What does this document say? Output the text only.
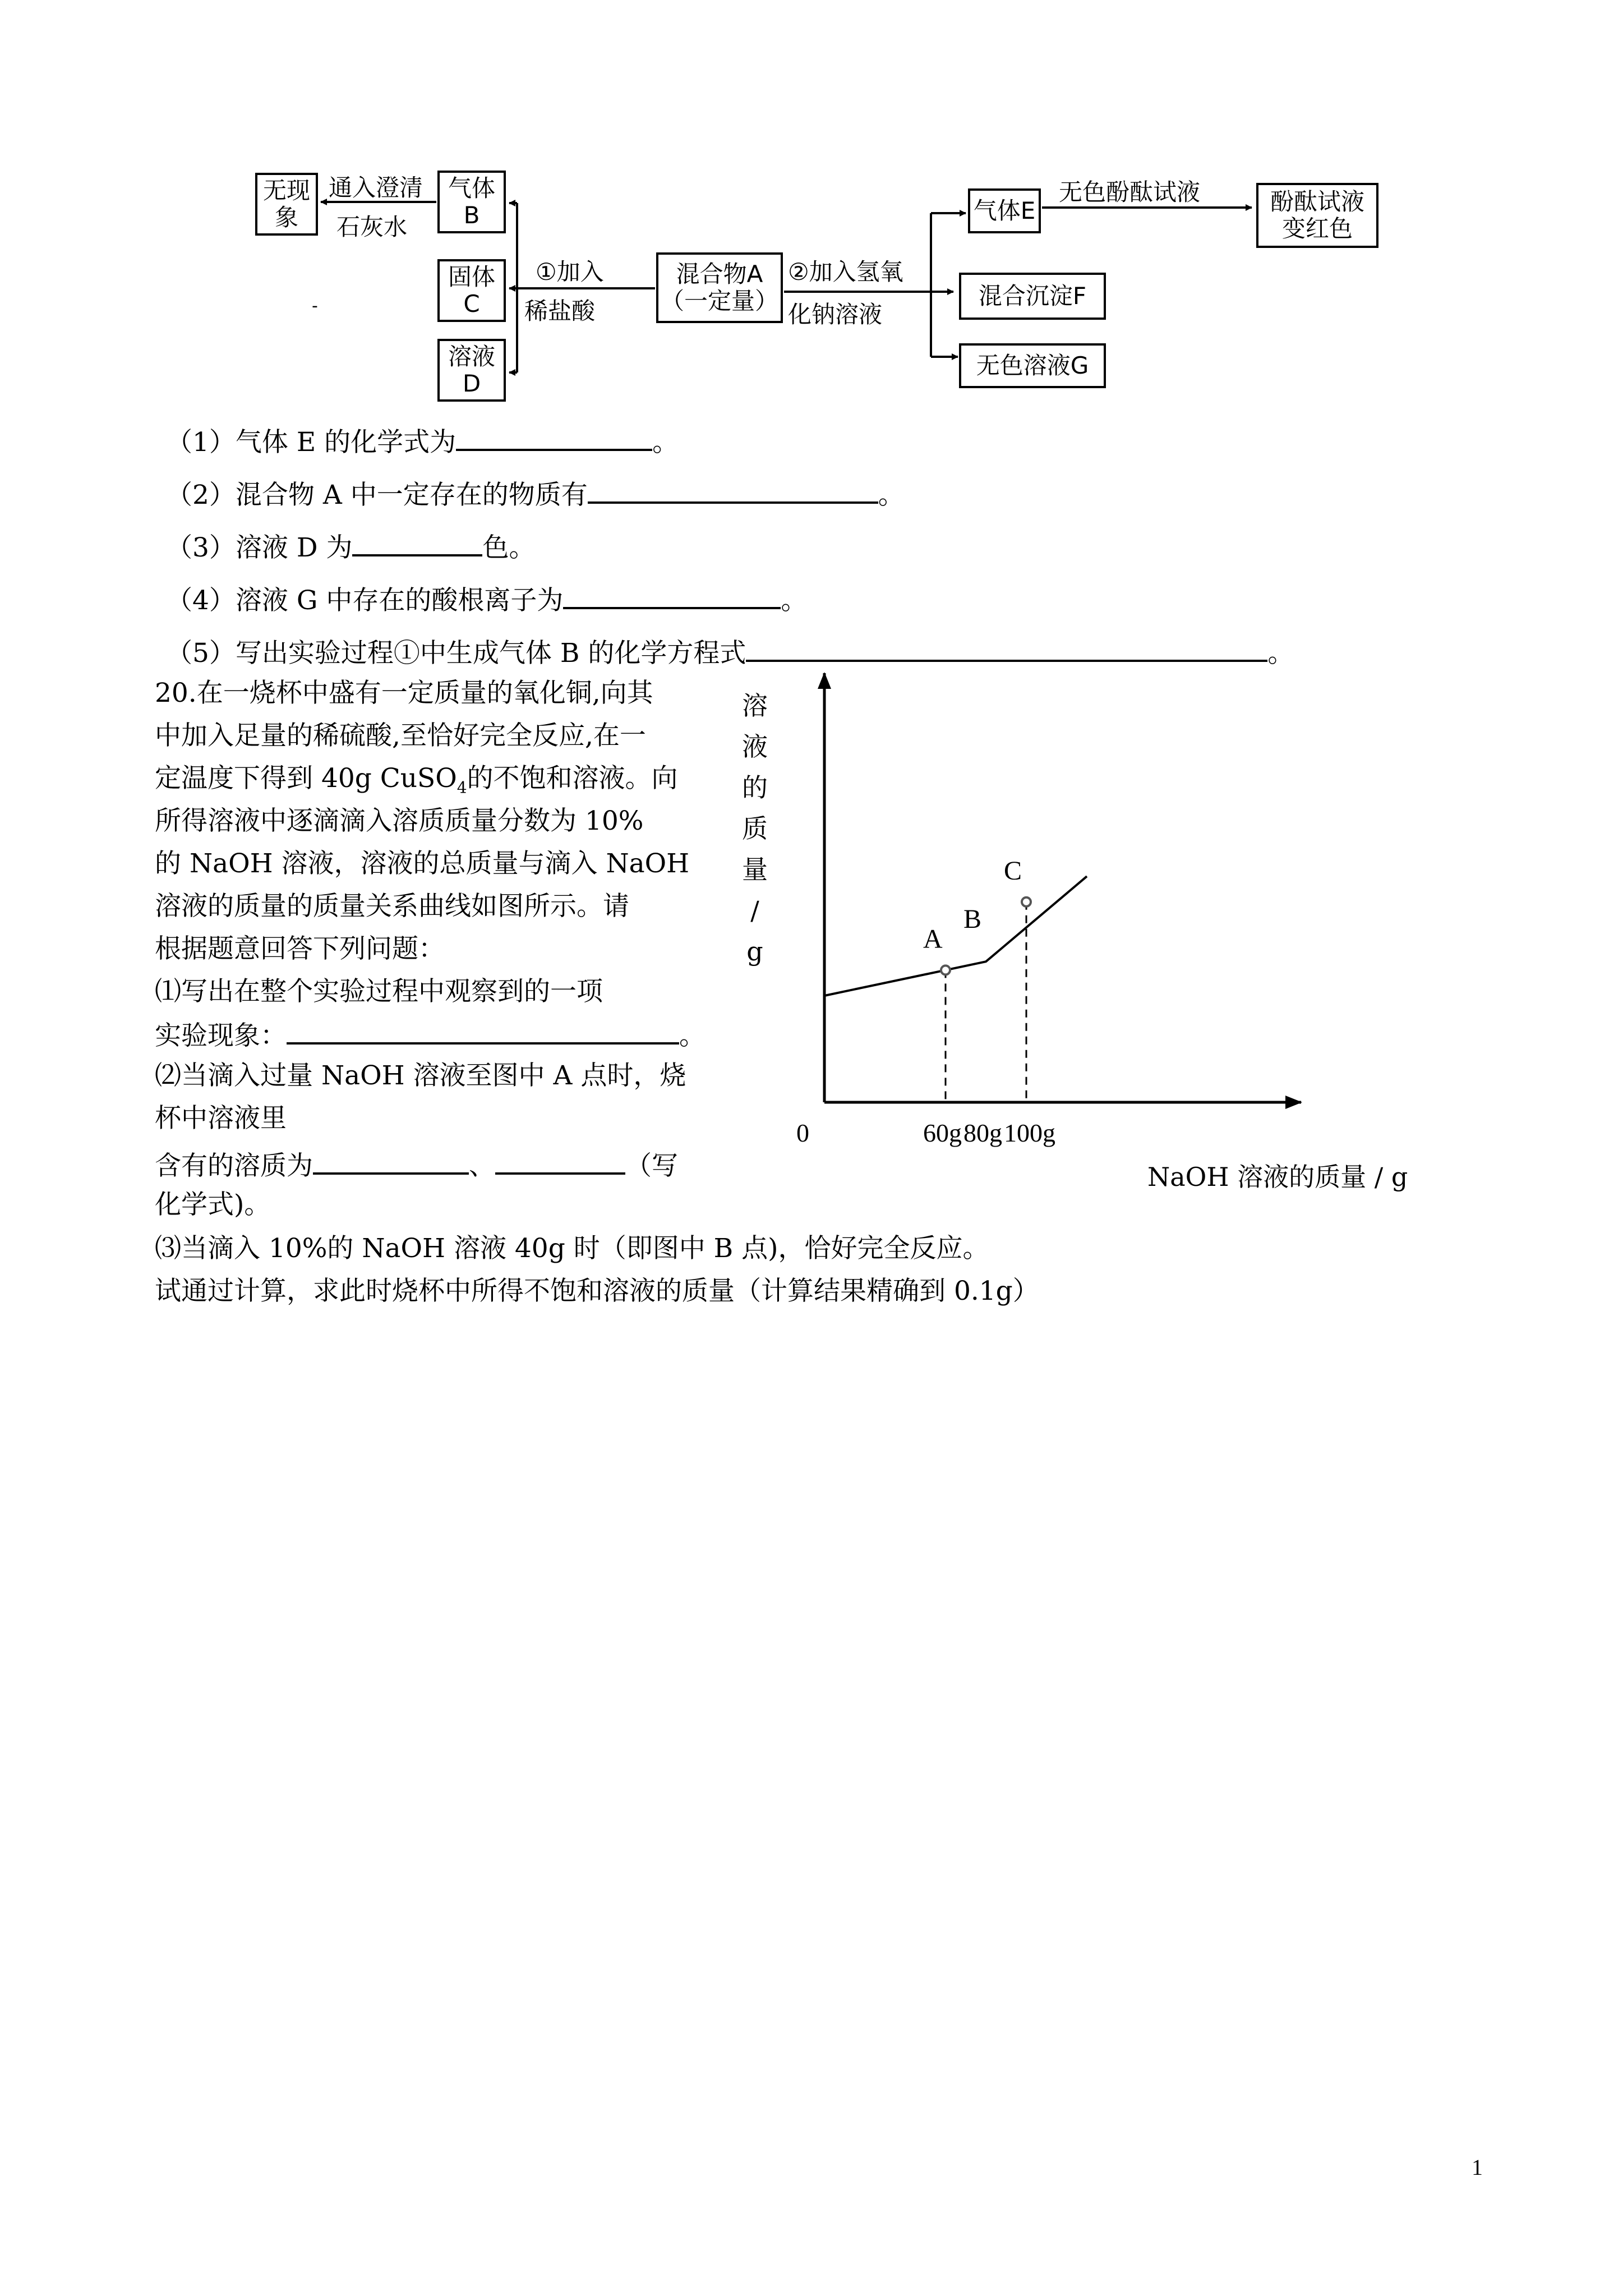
无现
象
通入澄清
石灰水
气体
B
固体
C
溶液
D
①加入
稀盐酸
-
混合物A
（一定量）
②加入氢氧
化钠溶液
气体E
混合沉淀F
无色溶液G
无色酚酞试液	酚酞试液
变红色
（1）气体 E 的化学式为	。
（2）混合物 A 中一定存在的物质有	。
（3）溶液 D 为	色。
（4）溶液 G 中存在的酸根离子为	。
（5）写出实验过程①中生成气体 B 的化学方程式	。
20.在一烧杯中盛有一定质量的氧化铜,向其
中加入足量的稀硫酸,至恰好完全反应,在一
定温度下得到 40g CuSO$_4$的不饱和溶液。向
所得溶液中逐滴滴入溶质质量分数为 10%
的 NaOH 溶液，溶液的总质量与滴入 NaOH
溶液的质量的质量关系曲线如图所示。请
根据题意回答下列问题：
⑴写出在整个实验过程中观察到的一项
实验现象：	。
⑵当滴入过量 NaOH 溶液至图中 A 点时，烧
杯中溶液里
含有的溶质为	、	（写
化学式)。
⑶当滴入 10%的 NaOH 溶液 40g 时（即图中 B 点)，恰好完全反应。
试通过计算，求此时烧杯中所得不饱和溶液的质量（计算结果精确到 0.1g）
A
B
C
0	60g 80g 100g
溶
液
的
质
量
/
g
NaOH 溶液的质量 / g
1
